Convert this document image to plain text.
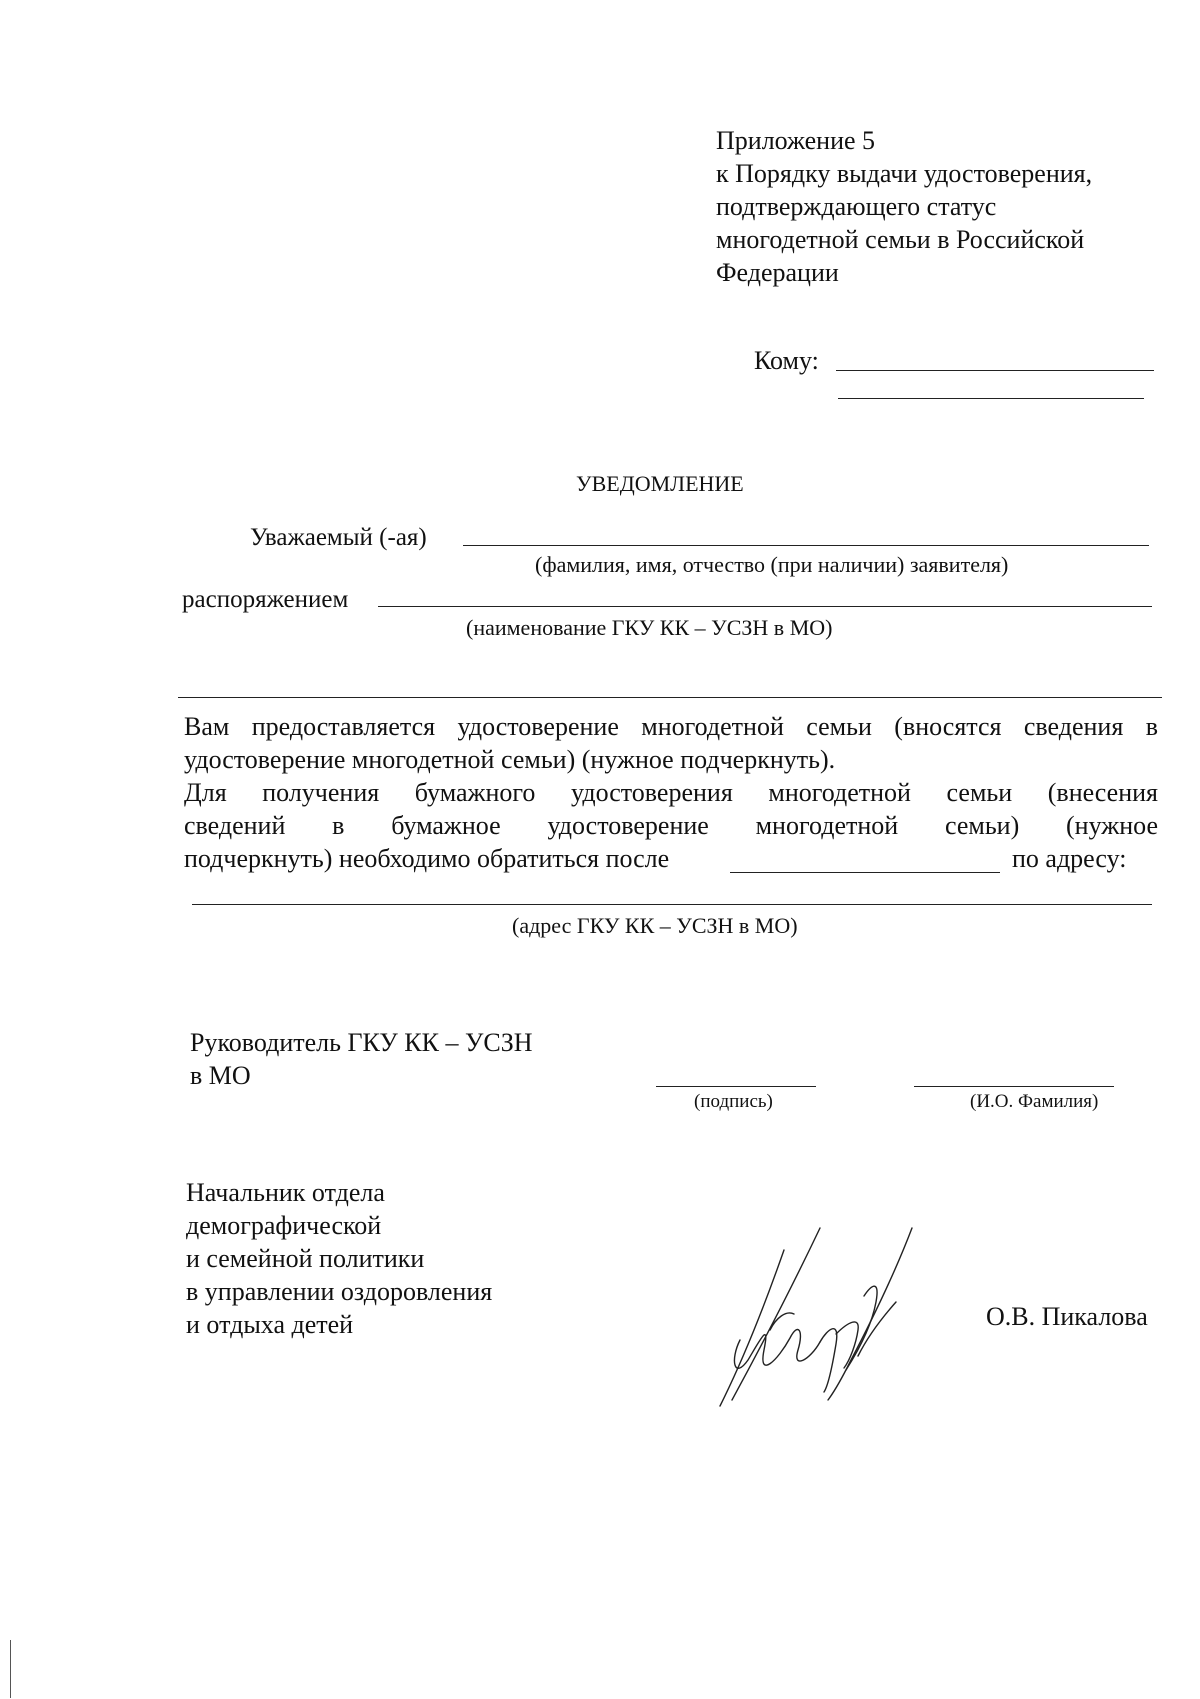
Приложение 5
к Порядку выдачи удостоверения,
подтверждающего статус
многодетной семьи в Российской
Федерации
Кому:
УВЕДОМЛЕНИЕ
Уважаемый (-ая)
(фамилия, имя, отчество (при наличии) заявителя)
распоряжением
(наименование ГКУ КК – УСЗН в МО)
Вам предоставляется удостоверение многодетной семьи (вносятся сведения в
удостоверение многодетной семьи) (нужное подчеркнуть).
Для получения бумажного удостоверения многодетной семьи (внесения
сведений в бумажное удостоверение многодетной семьи) (нужное
подчеркнуть) необходимо обратиться после	по адресу:
(адрес ГКУ КК – УСЗН в МО)
Руководитель ГКУ КК – УСЗН
в МО
(подпись)	(И.О. Фамилия)
Начальник отдела
демографической
и семейной политики
в управлении оздоровления
и отдыха детей	О.В. Пикалова
